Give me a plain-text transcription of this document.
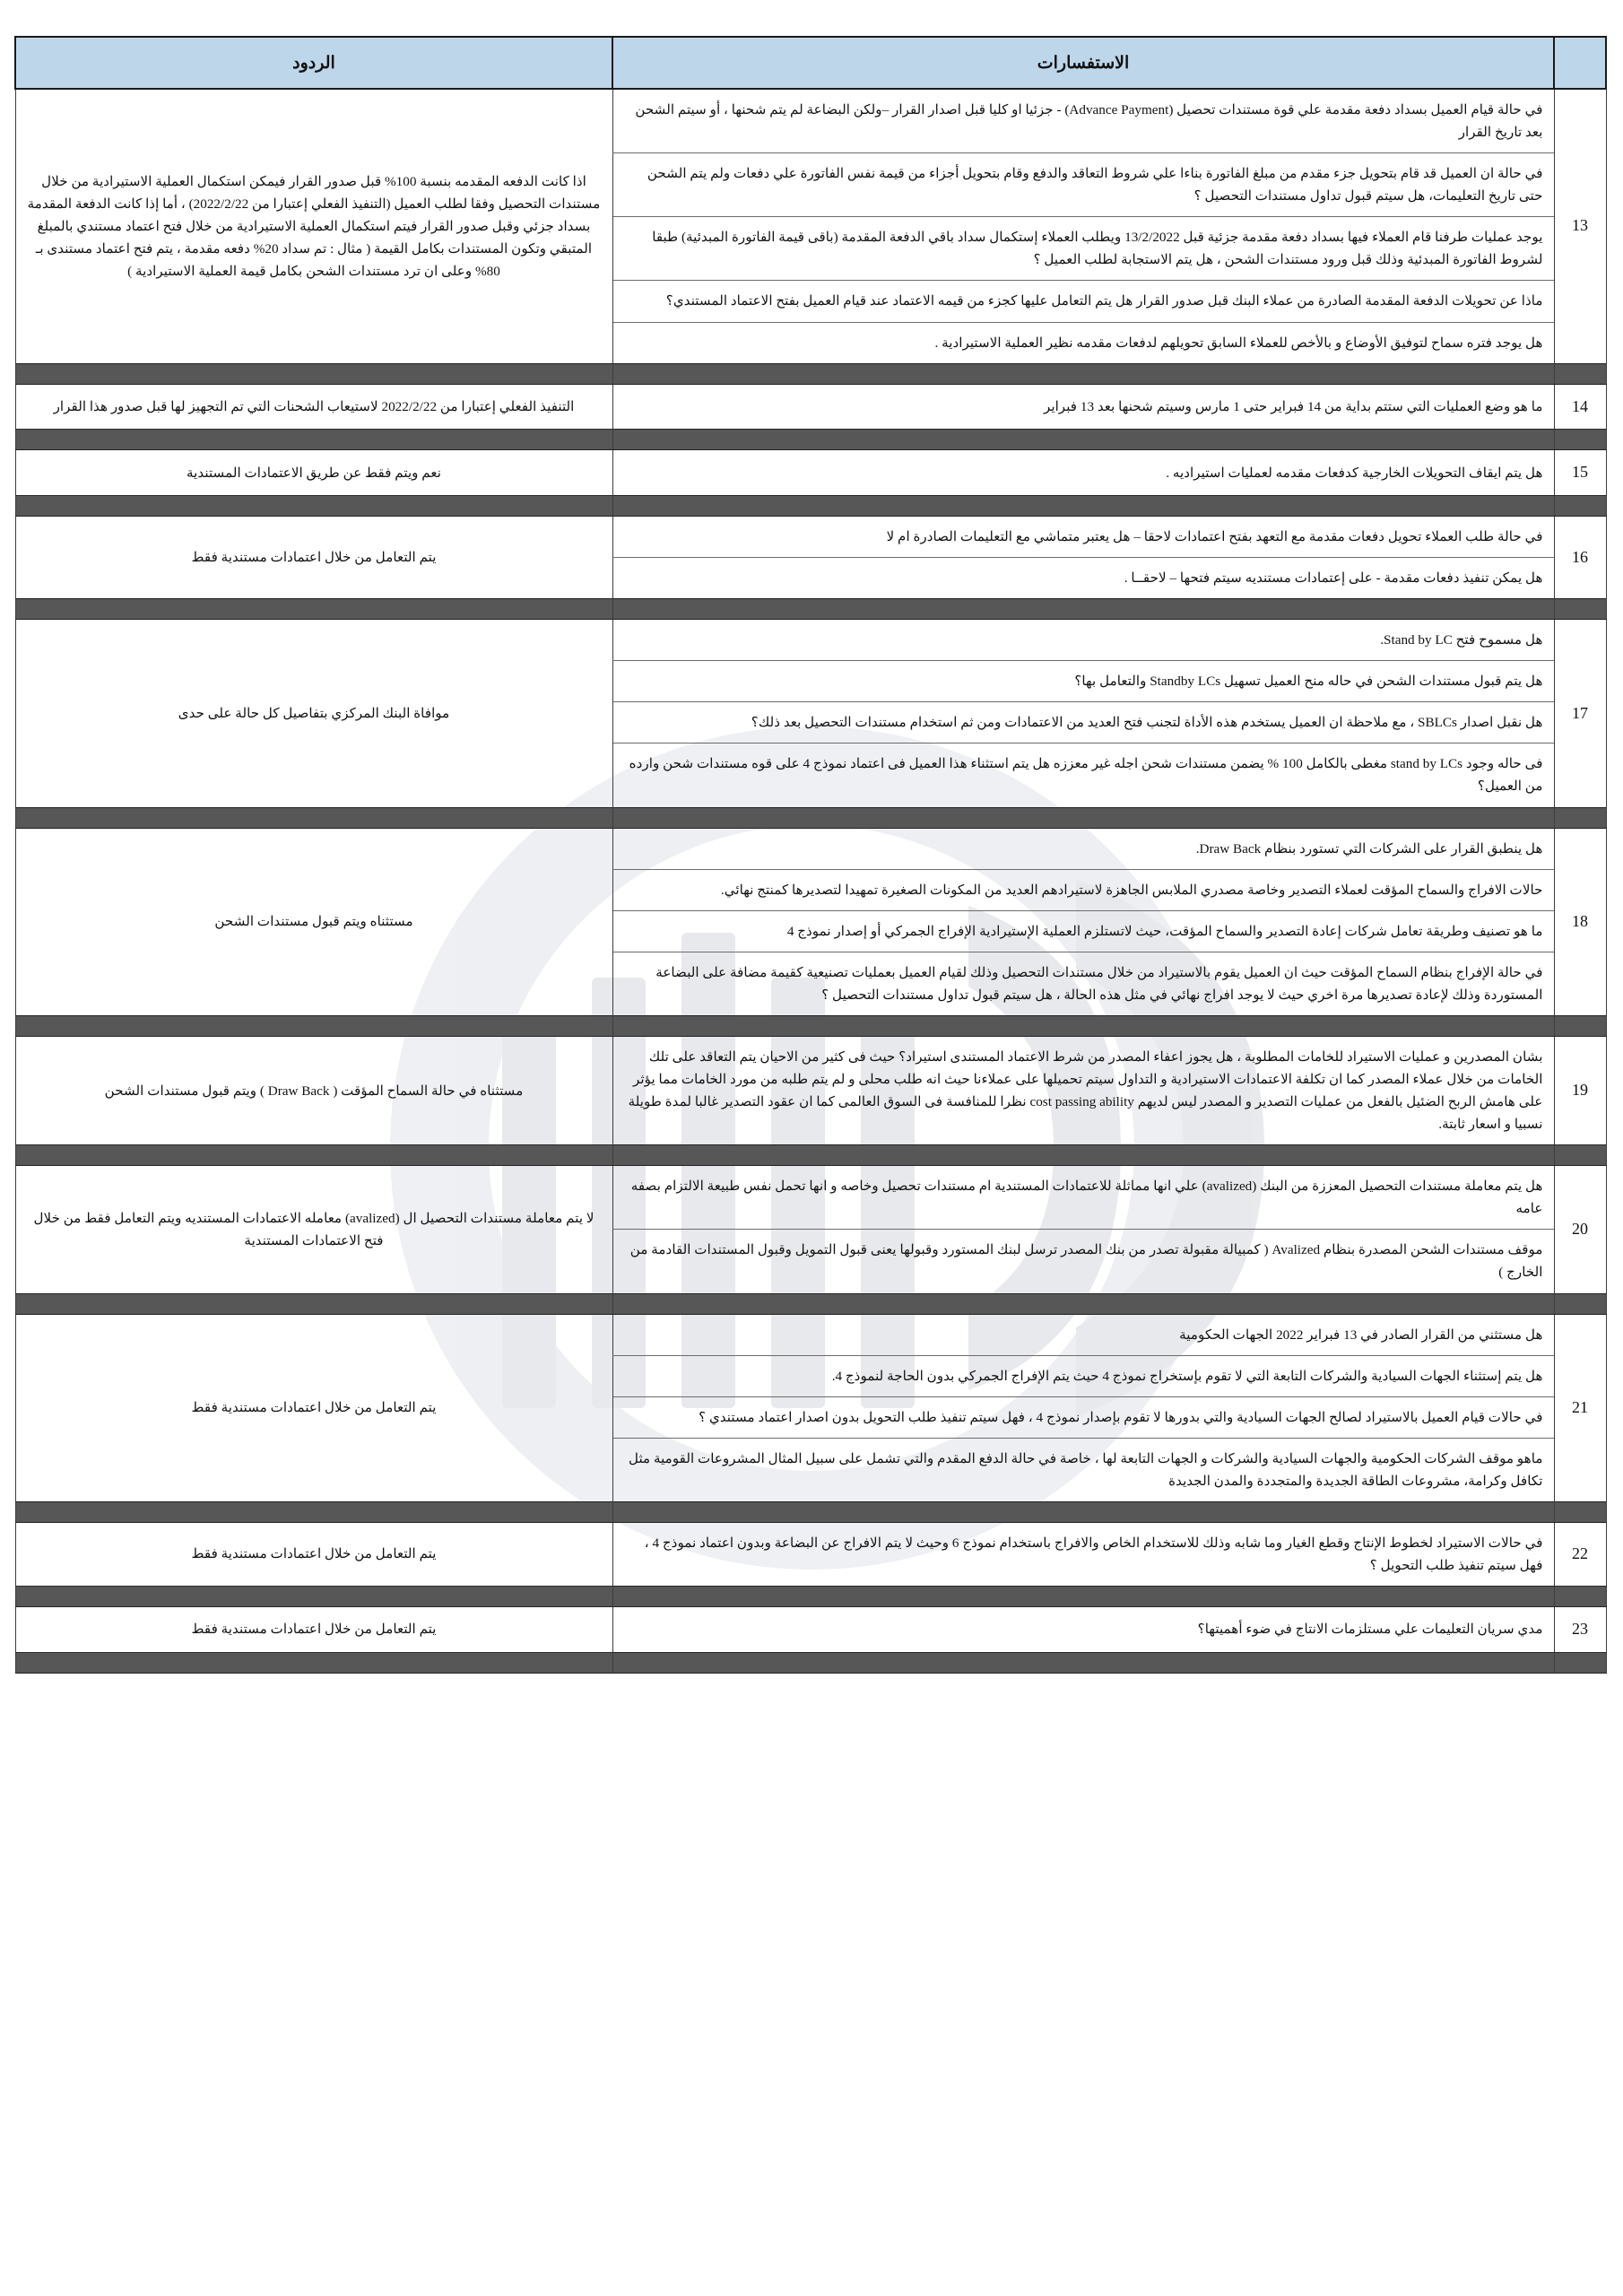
	الاستفسارات	الردود
13	في حالة قيام العميل بسداد دفعة مقدمة علي قوة مستندات تحصيل (Advance Payment) - جزئيا او كليا قبل اصدار القرار –ولكن البضاعة لم يتم شحنها ، أو سيتم الشحن بعد تاريخ القرار	اذا كانت الدفعه المقدمه بنسبة 100% قبل صدور القرار فيمكن استكمال العملية الاستيرادية من خلال مستندات التحصيل وفقا لطلب العميل (التنفيذ الفعلي إعتبارا من 2022/2/22) ، أما إذا كانت الدفعة المقدمة بسداد جزئي وقبل صدور القرار فيتم استكمال العملية الاستيرادية من خلال فتح اعتماد مستندي بالمبلغ المتبقي وتكون المستندات بكامل القيمة ( مثال : تم سداد 20% دفعه مقدمة ، يتم فتح اعتماد مستندى بـ 80% وعلى ان ترد مستندات الشحن بكامل قيمة العملية الاستيرادية )

	في حالة ان العميل قد قام بتحويل جزء مقدم من مبلغ الفاتورة بناءا علي شروط التعاقد والدفع وقام بتحويل أجزاء من قيمة نفس الفاتورة علي دفعات ولم يتم الشحن حتى تاريخ التعليمات، هل سيتم قبول تداول مستندات التحصيل ؟	

	يوجد عمليات طرفنا قام العملاء فيها بسداد دفعة مقدمة جزئية قبل 13/2/2022 ويطلب العملاء إستكمال سداد باقي الدفعة المقدمة (باقى قيمة الفاتورة المبدئية) طبقا لشروط الفاتورة المبدئية وذلك قبل ورود مستندات الشحن ، هل يتم الاستجابة لطلب العميل ؟	

	ماذا عن تحويلات الدفعة المقدمة الصادرة من عملاء البنك قبل صدور القرار هل يتم التعامل عليها كجزء من قيمه الاعتماد عند قيام العميل بفتح الاعتماد المستندي؟	

	هل يوجد فتره سماح لتوفيق الأوضاع و بالأخص للعملاء السابق تحويلهم لدفعات مقدمه نظير العملية الاستيرادية .	

14	ما هو وضع العمليات التي ستتم بداية من 14 فبراير حتى 1 مارس وسيتم شحنها بعد 13 فبراير	التنفيذ الفعلي إعتبارا من 2022/2/22 لاستيعاب الشحنات التي تم التجهيز لها قبل صدور هذا القرار

15	هل يتم ايقاف التحويلات الخارجية كدفعات مقدمه لعمليات استيراديه .	نعم ويتم فقط عن طريق الاعتمادات المستندية

16	في حالة طلب العملاء تحويل دفعات مقدمة مع التعهد بفتح اعتمادات لاحقا – هل يعتبر متماشي مع التعليمات الصادرة ام لا	يتم التعامل من خلال اعتمادات مستندية فقط

	هل يمكن تنفيذ دفعات مقدمة - على إعتمادات مستنديه سيتم فتحها – لاحقــا .	

17	هل مسموح فتح Stand by LC.	موافاة البنك المركزي بتفاصيل كل حالة على حدى

	هل يتم قبول مستندات الشحن في حاله منح العميل تسهيل Standby LCs والتعامل بها؟	

	هل نقبل اصدار SBLCs ، مع ملاحظة ان العميل يستخدم هذه الأداة لتجنب فتح العديد من الاعتمادات ومن ثم استخدام مستندات التحصيل بعد ذلك؟	

	فى حاله وجود stand by LCs مغطى بالكامل 100 % يضمن مستندات شحن اجله غير معززه هل يتم استثناء هذا العميل فى اعتماد نموذج 4 على قوه مستندات شحن وارده من العميل؟	

18	هل ينطبق القرار على الشركات التي تستورد بنظام Draw Back.	مستثناه ويتم قبول مستندات الشحن

	حالات الافراج والسماح المؤقت لعملاء التصدير وخاصة مصدري الملابس الجاهزة لاستيرادهم العديد من المكونات الصغيرة تمهيدا لتصديرها كمنتج نهائي.	

	ما هو تصنيف وطريقة تعامل شركات إعادة التصدير والسماح المؤقت، حيث لاتستلزم العملية الإستيرادية الإفراج الجمركي أو إصدار نموذج 4	

	في حالة الإفراج بنظام السماح المؤقت حيث ان العميل يقوم بالاستيراد من خلال مستندات التحصيل وذلك لقيام العميل بعمليات تصنيعية كقيمة مضافة على البضاعة المستوردة وذلك لإعادة تصديرها مرة اخري حيث لا يوجد افراج نهائي في مثل هذه الحالة ، هل سيتم قبول تداول مستندات التحصيل ؟	

19	بشان المصدرين و عمليات الاستيراد للخامات المطلوبة ، هل يجوز اعفاء المصدر من شرط الاعتماد المستندى استيراد؟ حيث فى كثير من الاحيان يتم التعاقد على تلك الخامات من خلال عملاء المصدر كما ان تكلفة الاعتمادات الاستيرادية و التداول سيتم تحميلها على عملاءنا حيث انه طلب محلى و لم يتم طلبه من مورد الخامات مما يؤثر على هامش الربح الضئيل بالفعل من عمليات التصدير و المصدر ليس لديهم cost passing ability نظرا للمنافسة فى السوق العالمى كما ان عقود التصدير غالبا لمدة طويلة نسبيا و اسعار ثابتة.	مستثناه في حالة السماح المؤقت ( Draw Back ) ويتم قبول مستندات الشحن

20	هل يتم معاملة مستندات التحصيل المعززة من البنك (avalized) علي انها مماثلة للاعتمادات المستندية ام مستندات تحصيل وخاصه و انها تحمل نفس طبيعة الالتزام بصفه عامه	لا يتم معاملة مستندات التحصيل ال (avalized) معامله الاعتمادات المستنديه ويتم التعامل فقط من خلال فتح الاعتمادات المستندية

	موقف مستندات الشحن المصدرة بنظام Avalized ( كمبيالة مقبولة تصدر من بنك المصدر ترسل لبنك المستورد وقبولها يعنى قبول التمويل وقبول المستندات القادمة من الخارج )	

21	هل مستثني من القرار الصادر في 13 فبراير 2022 الجهات الحكومية	يتم التعامل من خلال اعتمادات مستندية فقط

	هل يتم إستثناء الجهات السيادية والشركات التابعة التي لا تقوم بإستخراج نموذج 4 حيث يتم الإفراج الجمركي بدون الحاجة لنموذج 4.	

	في حالات قيام العميل بالاستيراد لصالح الجهات السيادية والتي بدورها لا تقوم بإصدار نموذج 4 ، فهل سيتم تنفيذ طلب التحويل بدون اصدار اعتماد مستندي ؟	

	ماهو موقف الشركات الحكومية والجهات السيادية والشركات و الجهات التابعة لها ، خاصة في حالة الدفع المقدم والتي تشمل على سبيل المثال المشروعات القومية مثل تكافل وكرامة، مشروعات الطاقة الجديدة والمتجددة والمدن الجديدة	

22	في حالات الاستيراد لخطوط الإنتاج وقطع الغيار وما شابه وذلك للاستخدام الخاص والافراج باستخدام نموذج 6 وحيث لا يتم الافراج عن البضاعة وبدون اعتماد نموذج 4 ، فهل سيتم تنفيذ طلب التحويل ؟	يتم التعامل من خلال اعتمادات مستندية فقط

23	مدي سريان التعليمات علي مستلزمات الانتاج في ضوء أهميتها؟	يتم التعامل من خلال اعتمادات مستندية فقط
